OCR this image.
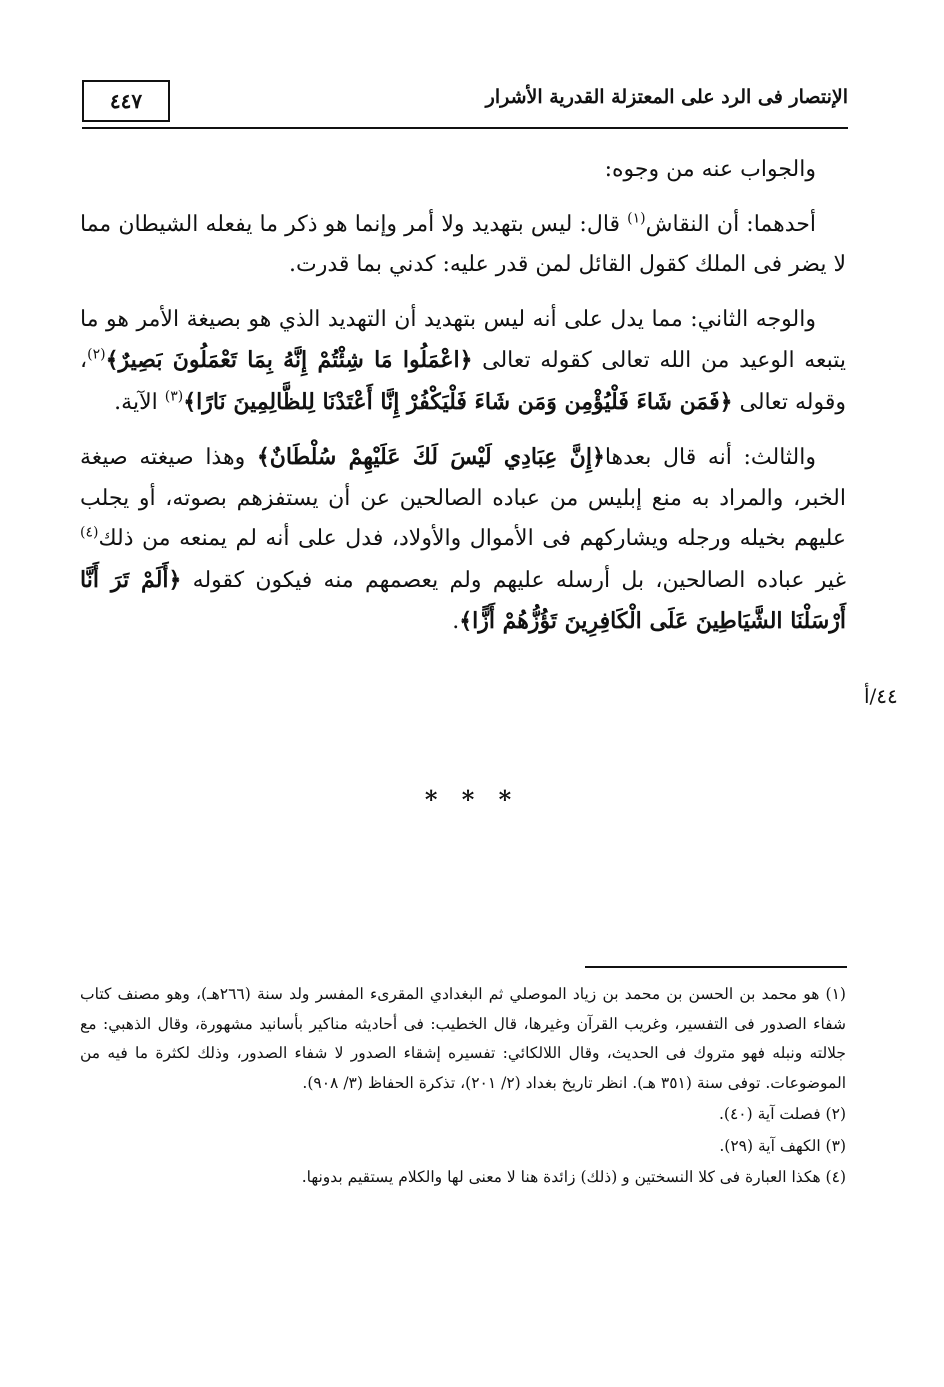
٤٤٧	الإنتصار فى الرد على المعتزلة القدرية الأشرار

والجواب عنه من وجوه:

أحدهما: أن النقاش$^{(١)}$ قال: ليس بتهديد ولا أمر وإنما هو ذكر ما يفعله الشيطان مما لا يضر فى الملك كقول القائل لمن قدر عليه: كدني بما قدرت.

والوجه الثاني: مما يدل على أنه ليس بتهديد أن التهديد الذي هو بصيغة الأمر هو ما يتبعه الوعيد من الله تعالى كقوله تعالى ﴿اعْمَلُوا مَا شِئْتُمْ إِنَّهُ بِمَا تَعْمَلُونَ بَصِيرٌ﴾$^{(٢)}$، وقوله تعالى ﴿فَمَن شَاءَ فَلْيُؤْمِن وَمَن شَاءَ فَلْيَكْفُرْ إِنَّا أَعْتَدْنَا لِلظَّالِمِينَ نَارًا﴾$^{(٣)}$ الآية.

والثالث: أنه قال بعدها﴿إِنَّ عِبَادِي لَيْسَ لَكَ عَلَيْهِمْ سُلْطَانٌ﴾ وهذا صيغته صيغة الخبر، والمراد به منع إبليس من عباده الصالحين عن أن يستفزهم بصوته، أو يجلب عليهم بخيله ورجله ويشاركهم فى الأموال والأولاد، فدل على أنه لم يمنعه من ذلك$^{(٤)}$ غير عباده الصالحين، بل أرسله عليهم ولم يعصمهم منه فيكون كقوله ﴿أَلَمْ تَرَ أَنَّا أَرْسَلْنَا الشَّيَاطِينَ عَلَى الْكَافِرِينَ تَؤُزُّهُمْ أَزًّا﴾.

٤٤/أ
* * *

(١) هو محمد بن الحسن بن محمد بن زياد الموصلي ثم البغدادي المقرىء المفسر ولد سنة (٢٦٦هـ)، وهو مصنف كتاب شفاء الصدور فى التفسير، وغريب القرآن وغيرها، قال الخطيب: فى أحاديثه مناكير بأسانيد مشهورة، وقال الذهبي: مع جلالته ونبله فهو متروك فى الحديث، وقال اللالكائي: تفسيره إشقاء الصدور لا شفاء الصدور، وذلك لكثرة ما فيه من الموضوعات. توفى سنة (٣٥١ هـ). انظر تاريخ بغداد (٢/ ٢٠١)، تذكرة الحفاظ (٣/ ٩٠٨).

(٢) فصلت آية (٤٠).

(٣) الكهف آية (٢٩).

(٤) هكذا العبارة فى كلا النسختين و (ذلك) زائدة هنا لا معنى لها والكلام يستقيم بدونها.
